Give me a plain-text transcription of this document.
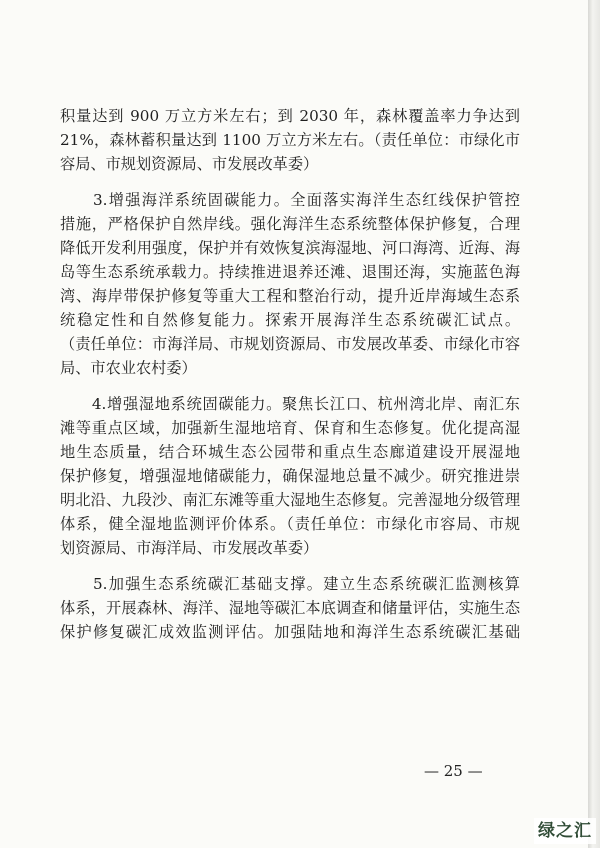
积量达到 900 万立方米左右；到 2030 年，森林覆盖率力争达到
21%，森林蓄积量达到 1100 万立方米左右。（责任单位：市绿化市
容局、市规划资源局、市发展改革委）
　　3.增强海洋系统固碳能力。全面落实海洋生态红线保护管控
措施，严格保护自然岸线。强化海洋生态系统整体保护修复，合理
降低开发利用强度，保护并有效恢复滨海湿地、河口海湾、近海、海
岛等生态系统承载力。持续推进退养还滩、退围还海，实施蓝色海
湾、海岸带保护修复等重大工程和整治行动，提升近岸海域生态系
统稳定性和自然修复能力。探索开展海洋生态系统碳汇试点。
（责任单位：市海洋局、市规划资源局、市发展改革委、市绿化市容
局、市农业农村委）
　　4.增强湿地系统固碳能力。聚焦长江口、杭州湾北岸、南汇东
滩等重点区域，加强新生湿地培育、保育和生态修复。优化提高湿
地生态质量，结合环城生态公园带和重点生态廊道建设开展湿地
保护修复，增强湿地储碳能力，确保湿地总量不减少。研究推进崇
明北沿、九段沙、南汇东滩等重大湿地生态修复。完善湿地分级管理
体系，健全湿地监测评价体系。（责任单位：市绿化市容局、市规
划资源局、市海洋局、市发展改革委）
　　5.加强生态系统碳汇基础支撑。建立生态系统碳汇监测核算
体系，开展森林、海洋、湿地等碳汇本底调查和储量评估，实施生态
保护修复碳汇成效监测评估。加强陆地和海洋生态系统碳汇基础
— 25 —
绿之汇
